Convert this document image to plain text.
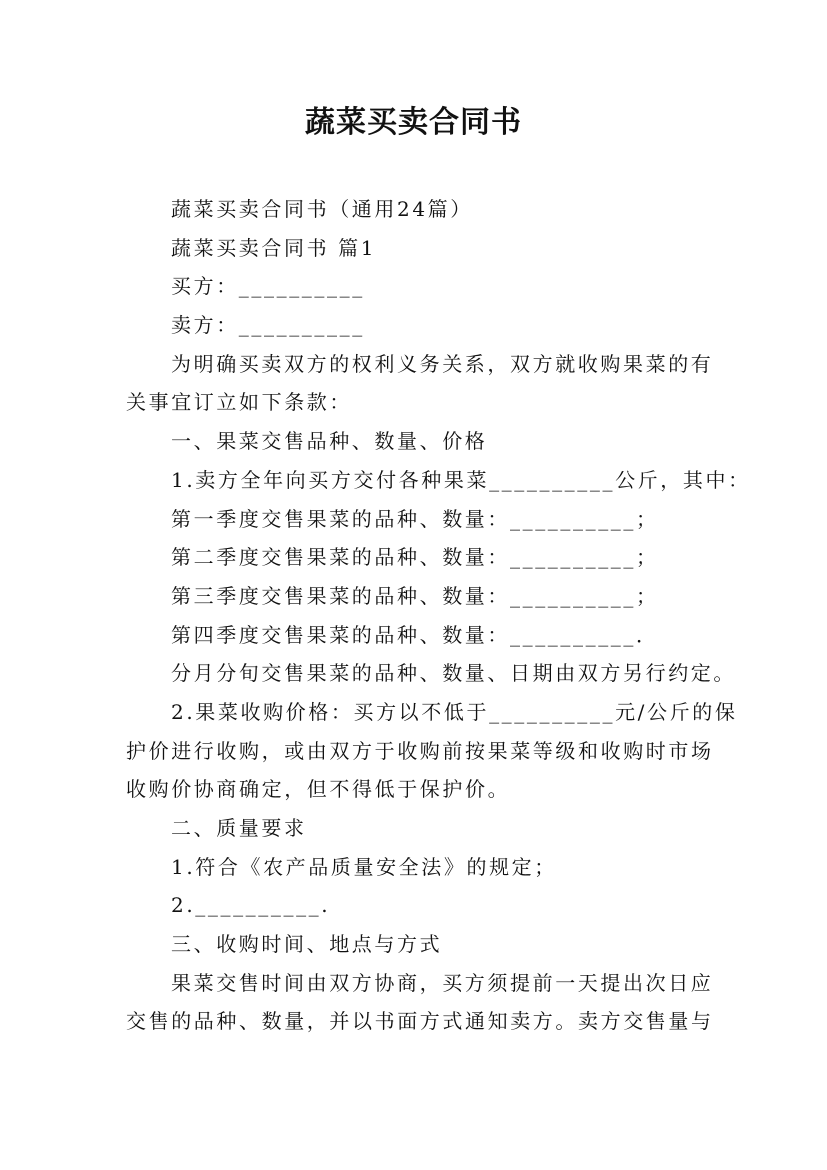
蔬菜买卖合同书
蔬菜买卖合同书（通用24篇）
蔬菜买卖合同书 篇1
买方：__________
卖方：__________
为明确买卖双方的权利义务关系，双方就收购果菜的有
关事宜订立如下条款：
一、果菜交售品种、数量、价格
1.卖方全年向买方交付各种果菜__________公斤，其中：
第一季度交售果菜的品种、数量：__________；
第二季度交售果菜的品种、数量：__________；
第三季度交售果菜的品种、数量：__________；
第四季度交售果菜的品种、数量：__________．
分月分旬交售果菜的品种、数量、日期由双方另行约定。
2.果菜收购价格：买方以不低于__________元/公斤的保
护价进行收购，或由双方于收购前按果菜等级和收购时市场
收购价协商确定，但不得低于保护价。
二、质量要求
1.符合《农产品质量安全法》的规定；
2.__________.
三、收购时间、地点与方式
果菜交售时间由双方协商，买方须提前一天提出次日应
交售的品种、数量，并以书面方式通知卖方。卖方交售量与
